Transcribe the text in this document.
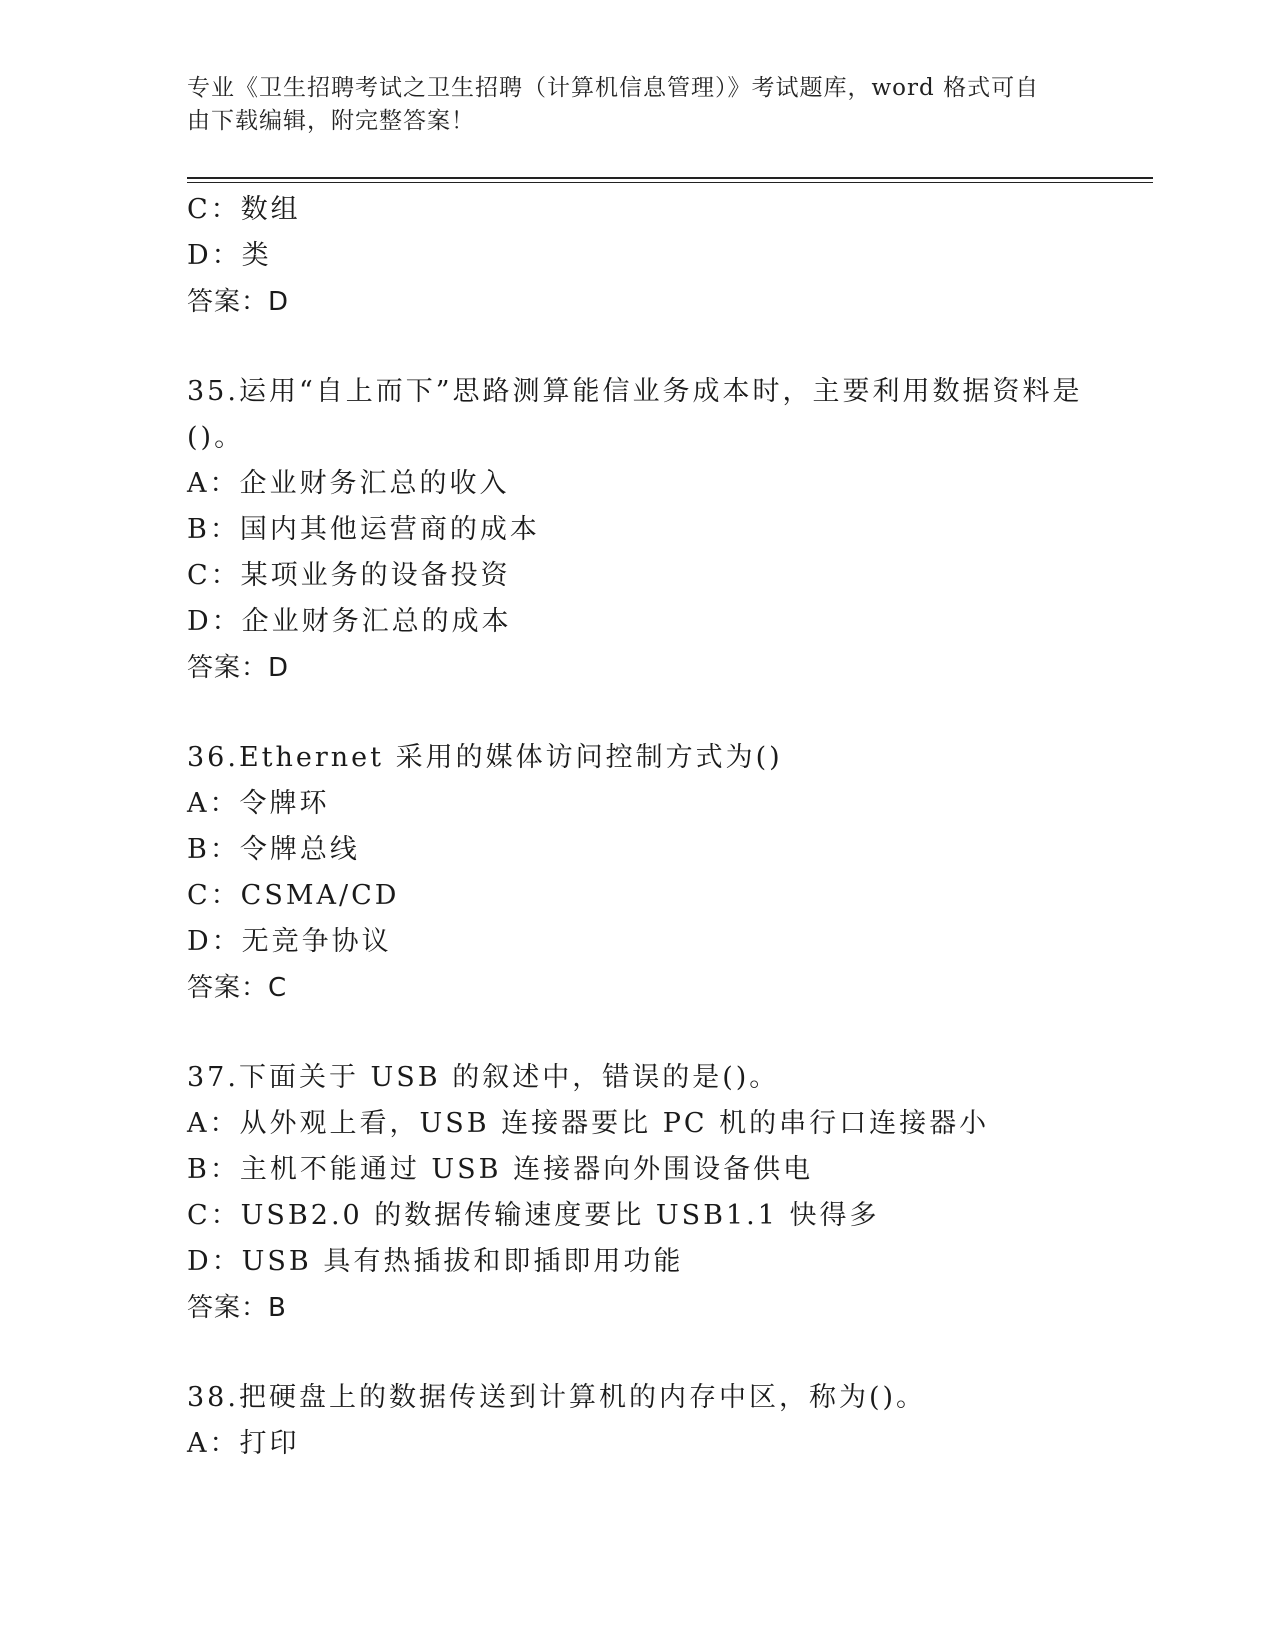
专业《卫生招聘考试之卫生招聘（计算机信息管理）》考试题库，word 格式可自
由下载编辑，附完整答案！
C：数组
D：类
答案：D
35.运用“自上而下”思路测算能信业务成本时，主要利用数据资料是
()。
A：企业财务汇总的收入
B：国内其他运营商的成本
C：某项业务的设备投资
D：企业财务汇总的成本
答案：D
36.Ethernet 采用的媒体访问控制方式为()
A：令牌环
B：令牌总线
C：CSMA/CD
D：无竞争协议
答案：C
37.下面关于 USB 的叙述中，错误的是()。
A：从外观上看，USB 连接器要比 PC 机的串行口连接器小
B：主机不能通过 USB 连接器向外围设备供电
C：USB2.0 的数据传输速度要比 USB1.1 快得多
D：USB 具有热插拔和即插即用功能
答案：B
38.把硬盘上的数据传送到计算机的内存中区，称为()。
A：打印
